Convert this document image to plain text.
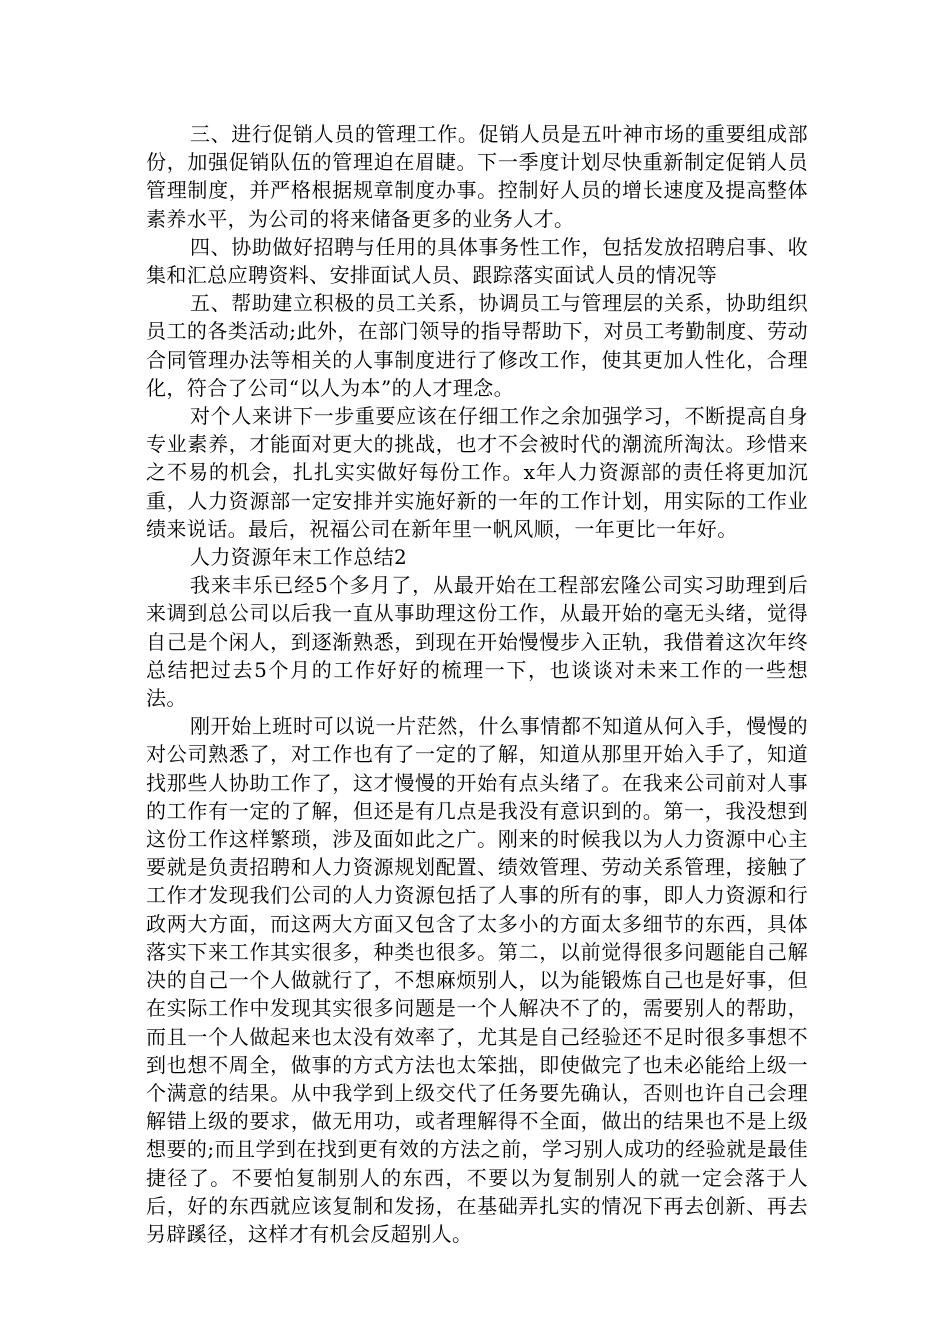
三、进行促销人员的管理工作。促销人员是五叶神市场的重要组成部份，加强促销队伍的管理迫在眉睫。下一季度计划尽快重新制定促销人员管理制度，并严格根据规章制度办事。控制好人员的增长速度及提高整体素养水平，为公司的将来储备更多的业务人才。

四、协助做好招聘与任用的具体事务性工作，包括发放招聘启事、收集和汇总应聘资料、安排面试人员、跟踪落实面试人员的情况等

五、帮助建立积极的员工关系，协调员工与管理层的关系，协助组织员工的各类活动;此外，在部门领导的指导帮助下，对员工考勤制度、劳动合同管理办法等相关的人事制度进行了修改工作，使其更加人性化，合理化，符合了公司“以人为本”的人才理念。

对个人来讲下一步重要应该在仔细工作之余加强学习，不断提高自身专业素养，才能面对更大的挑战，也才不会被时代的潮流所淘汰。珍惜来之不易的机会，扎扎实实做好每份工作。x年人力资源部的责任将更加沉重，人力资源部一定安排并实施好新的一年的工作计划，用实际的工作业绩来说话。最后，祝福公司在新年里一帆风顺，一年更比一年好。

人力资源年末工作总结2

我来丰乐已经5个多月了，从最开始在工程部宏隆公司实习助理到后来调到总公司以后我一直从事助理这份工作，从最开始的毫无头绪，觉得自己是个闲人，到逐渐熟悉，到现在开始慢慢步入正轨，我借着这次年终总结把过去5个月的工作好好的梳理一下，也谈谈对未来工作的一些想法。

刚开始上班时可以说一片茫然，什么事情都不知道从何入手，慢慢的对公司熟悉了，对工作也有了一定的了解，知道从那里开始入手了，知道找那些人协助工作了，这才慢慢的开始有点头绪了。在我来公司前对人事的工作有一定的了解，但还是有几点是我没有意识到的。第一，我没想到这份工作这样繁琐，涉及面如此之广。刚来的时候我以为人力资源中心主要就是负责招聘和人力资源规划配置、绩效管理、劳动关系管理，接触了工作才发现我们公司的人力资源包括了人事的所有的事，即人力资源和行政两大方面，而这两大方面又包含了太多小的方面太多细节的东西，具体落实下来工作其实很多，种类也很多。第二，以前觉得很多问题能自己解决的自己一个人做就行了，不想麻烦别人，以为能锻炼自己也是好事，但在实际工作中发现其实很多问题是一个人解决不了的，需要别人的帮助，而且一个人做起来也太没有效率了，尤其是自己经验还不足时很多事想不到也想不周全，做事的方式方法也太笨拙，即使做完了也未必能给上级一个满意的结果。从中我学到上级交代了任务要先确认，否则也许自己会理解错上级的要求，做无用功，或者理解得不全面，做出的结果也不是上级想要的;而且学到在找到更有效的方法之前，学习别人成功的经验就是最佳捷径了。不要怕复制别人的东西，不要以为复制别人的就一定会落于人后，好的东西就应该复制和发扬，在基础弄扎实的情况下再去创新、再去另辟蹊径，这样才有机会反超别人。
